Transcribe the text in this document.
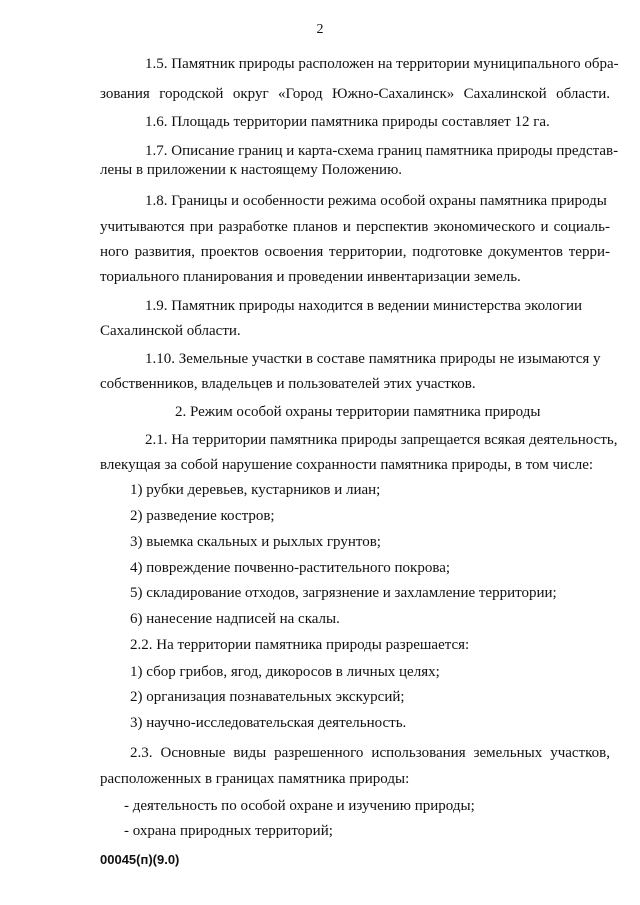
2
1.5. Памятник природы расположен на территории муниципального обра-
зования городской округ «Город Южно-Сахалинск» Сахалинской области.
1.6. Площадь территории памятника природы составляет 12 га.
1.7. Описание границ и карта-схема границ памятника природы представ-
лены в приложении к настоящему Положению.
1.8. Границы и особенности режима особой охраны памятника природы
учитываются при разработке планов и перспектив экономического и социаль-
ного развития, проектов освоения территории, подготовке документов терри-
ториального планирования и проведении инвентаризации земель.
1.9. Памятник природы находится в ведении министерства экологии
Сахалинской области.
1.10. Земельные участки в составе памятника природы не изымаются у
собственников, владельцев и пользователей этих участков.
2. Режим особой охраны территории памятника природы
2.1. На территории памятника природы запрещается всякая деятельность,
влекущая за собой нарушение сохранности памятника природы, в том числе:
1) рубки деревьев, кустарников и лиан;
2) разведение костров;
3) выемка скальных и рыхлых грунтов;
4) повреждение почвенно-растительного покрова;
5) складирование отходов, загрязнение и захламление территории;
6) нанесение надписей на скалы.
2.2. На территории памятника природы разрешается:
1) сбор грибов, ягод, дикоросов в личных целях;
2) организация познавательных экскурсий;
3) научно-исследовательская деятельность.
2.3. Основные виды разрешенного использования земельных участков,
расположенных в границах памятника природы:
- деятельность по особой охране и изучению природы;
- охрана природных территорий;
00045(п)(9.0)
